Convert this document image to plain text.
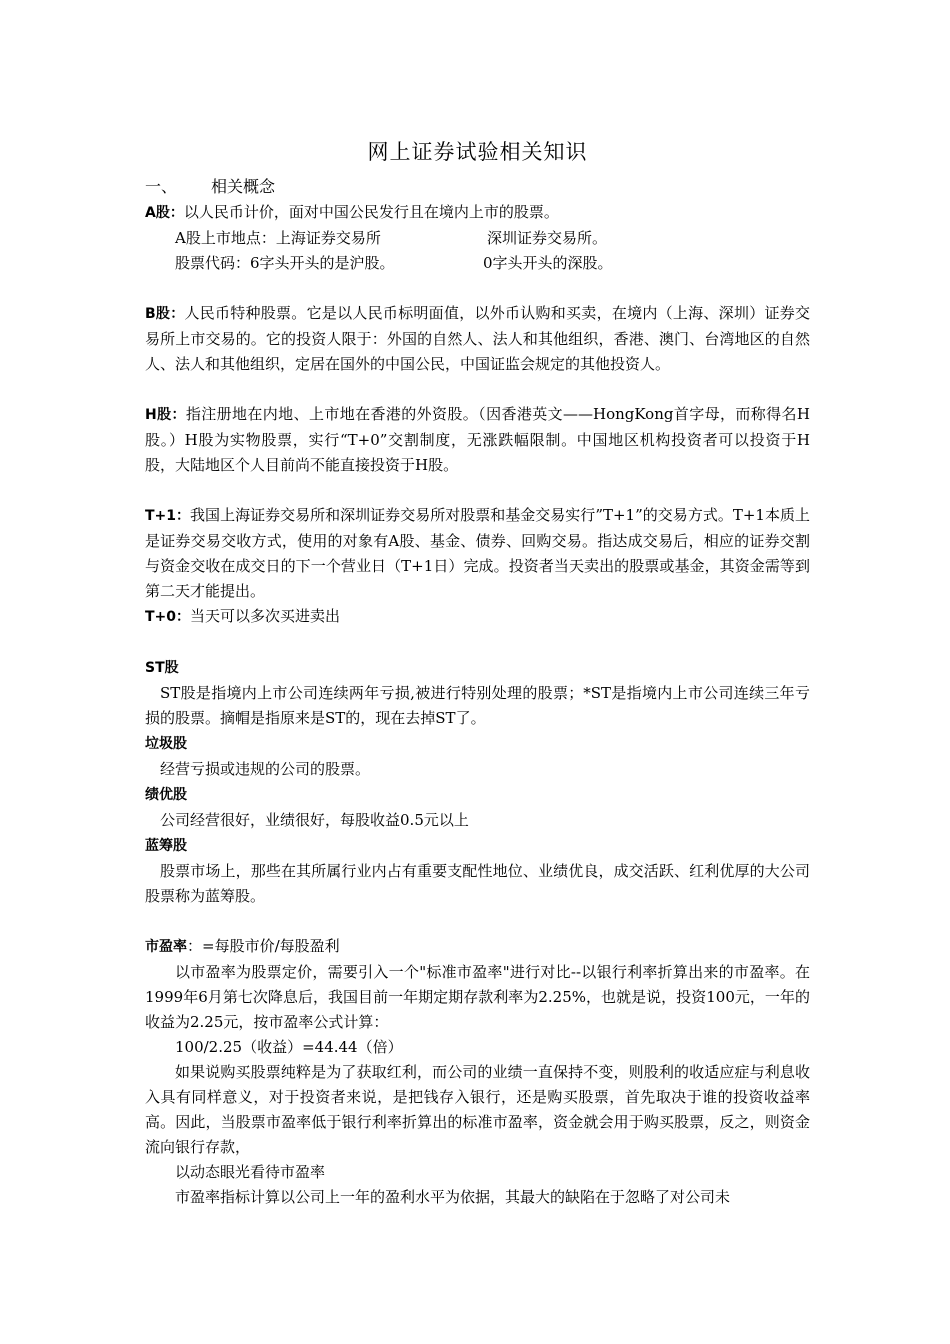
网上证券试验相关知识
一、 相关概念

A股：以人民币计价，面对中国公民发行且在境内上市的股票。

A股上市地点：上海证券交易所	深圳证券交易所。

股票代码：6字头开头的是沪股。	0字头开头的深股。

B股：人民币特种股票。它是以人民币标明面值，以外币认购和买卖，在境内（上海、深圳）证券交易所上市交易的。它的投资人限于：外国的自然人、法人和其他组织，香港、澳门、台湾地区的自然人、法人和其他组织，定居在国外的中国公民，中国证监会规定的其他投资人。

H股：指注册地在内地、上市地在香港的外资股。（因香港英文——HongKong首字母，而称得名H股。）H股为实物股票，实行“T+0”交割制度，无涨跌幅限制。中国地区机构投资者可以投资于H股，大陆地区个人目前尚不能直接投资于H股。

T+1：我国上海证券交易所和深圳证券交易所对股票和基金交易实行”T+1”的交易方式。T+1本质上是证券交易交收方式，使用的对象有A股、基金、债券、回购交易。指达成交易后，相应的证券交割与资金交收在成交日的下一个营业日（T+1日）完成。投资者当天卖出的股票或基金，其资金需等到第二天才能提出。

T+0：当天可以多次买进卖出

ST股

ST股是指境内上市公司连续两年亏损,被进行特别处理的股票；*ST是指境内上市公司连续三年亏损的股票。摘帽是指原来是ST的，现在去掉ST了。

垃圾股

经营亏损或违规的公司的股票。

绩优股

公司经营很好，业绩很好，每股收益0.5元以上

蓝筹股

股票市场上，那些在其所属行业内占有重要支配性地位、业绩优良，成交活跃、红利优厚的大公司股票称为蓝筹股。

市盈率：=每股市价/每股盈利

以市盈率为股票定价，需要引入一个"标准市盈率"进行对比--以银行利率折算出来的市盈率。在1999年6月第七次降息后，我国目前一年期定期存款利率为2.25%，也就是说，投资100元，一年的收益为2.25元，按市盈率公式计算：

100/2.25（收益）=44.44（倍）

如果说购买股票纯粹是为了获取红利，而公司的业绩一直保持不变，则股利的收适应症与利息收入具有同样意义，对于投资者来说，是把钱存入银行，还是购买股票，首先取决于谁的投资收益率高。因此，当股票市盈率低于银行利率折算出的标准市盈率，资金就会用于购买股票，反之，则资金流向银行存款，

以动态眼光看待市盈率

市盈率指标计算以公司上一年的盈利水平为依据，其最大的缺陷在于忽略了对公司未
